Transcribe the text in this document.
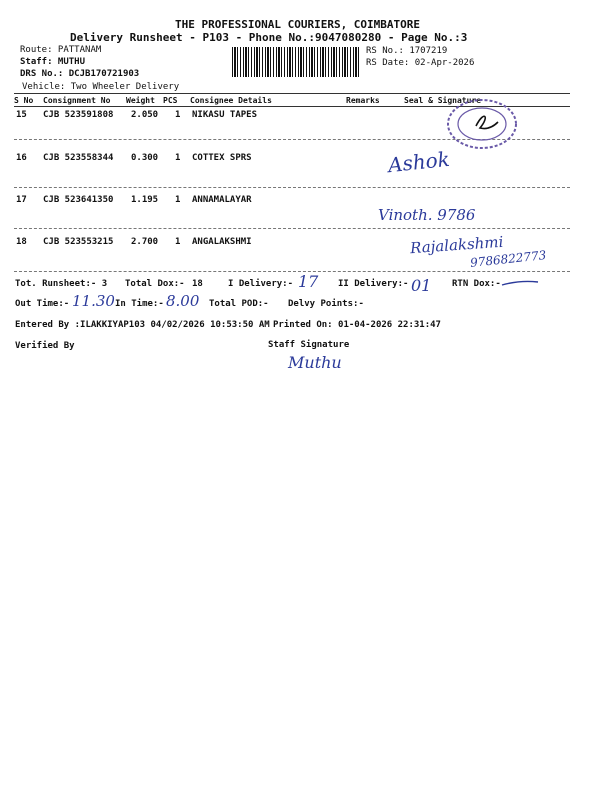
THE PROFESSIONAL COURIERS, COIMBATORE
Delivery Runsheet - P103 - Phone No.:9047080280 - Page No.:3
Route: PATTANAM
Staff: MUTHU
DRS No.: DCJB170721903
Vehicle: Two Wheeler Delivery
RS No.: 1707219
RS Date: 02-Apr-2026
S No Consignment No Weight PCS Consignee Details	Remarks	Seal & Signature
15 CJB 523591808 2.050 1 NIKASU TAPES
16 CJB 523558344 0.300 1 COTTEX SPRS
17 CJB 523641350 1.195 1 ANNAMALAYAR
18 CJB 523553215 2.700 1 ANGALAKSHMI
Ashok
Vinoth. 9786
Rajalakshmi
9786822773
Tot. Runsheet:- 3 Total Dox:- 18	I Delivery:- 17 II Delivery:- 01 RTN Dox:-
Out Time:- 11.30 In Time:- 8.00 Total POD:- Delvy Points:-
Entered By :ILAKKIYAP103 04/02/2026 10:53:50 AM Printed On: 01-04-2026 22:31:47
Verified By	Staff Signature
Muthu
